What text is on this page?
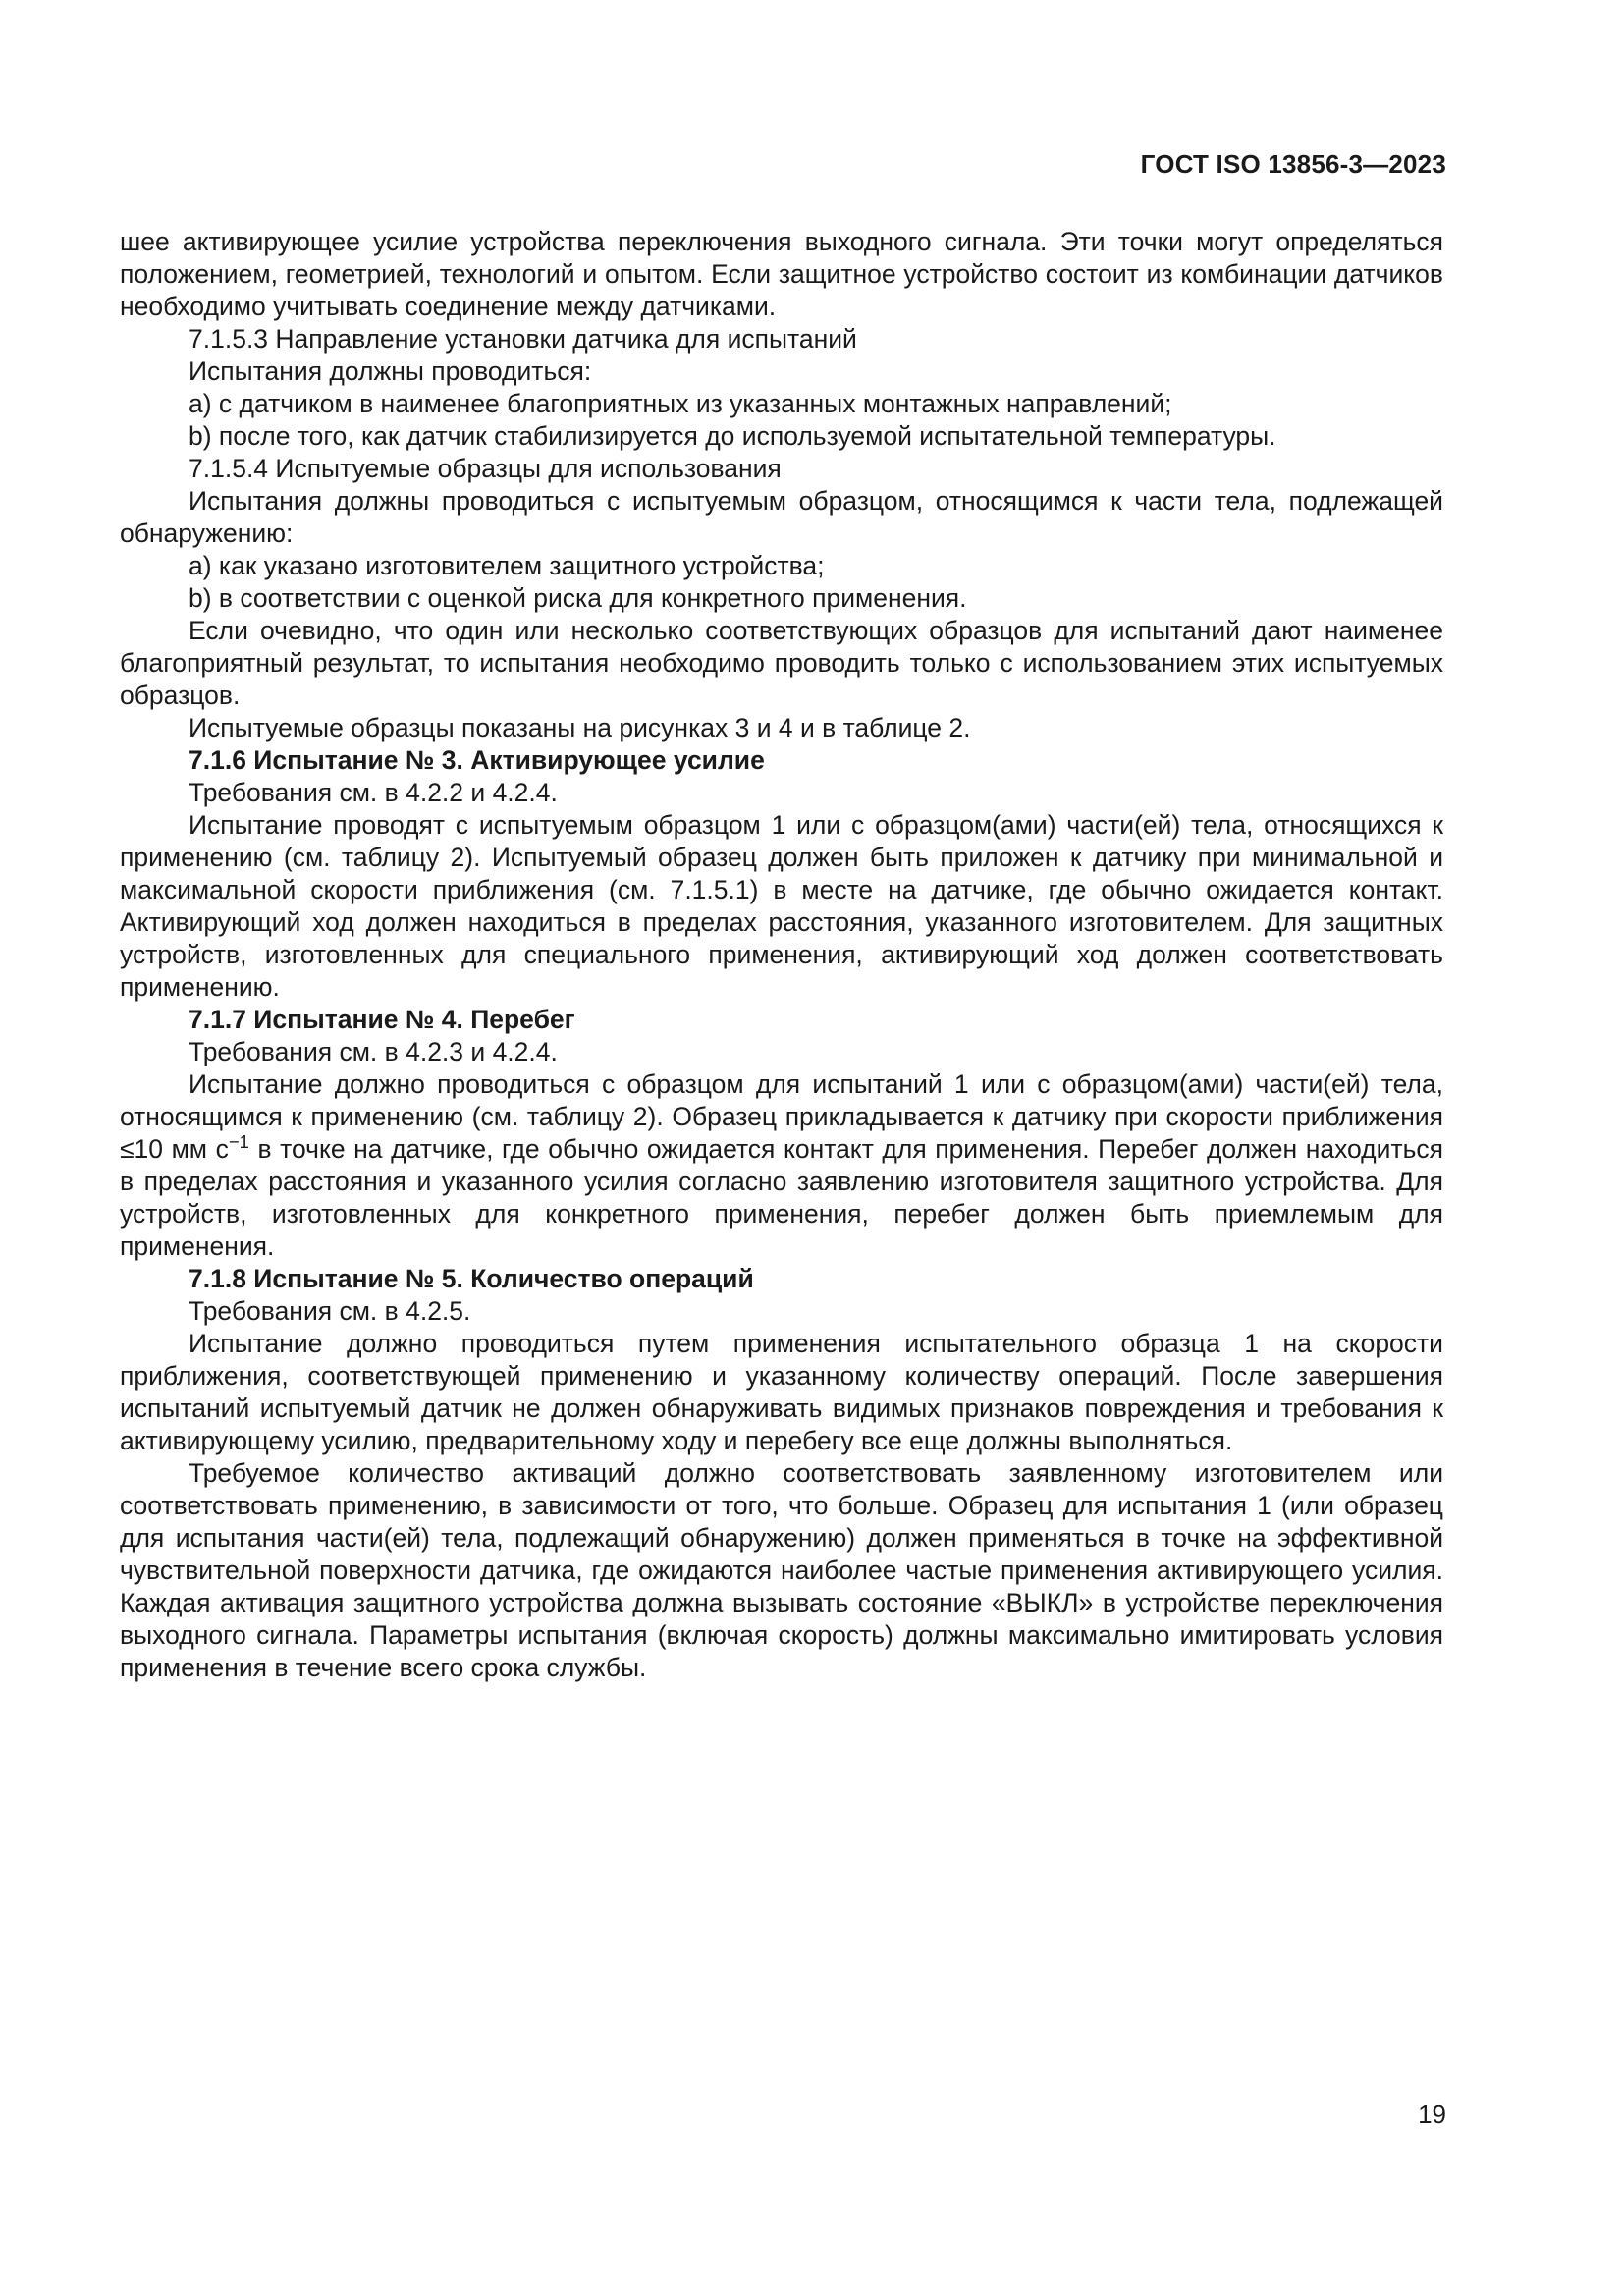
ГОСТ ISO 13856-3—2023

шее активирующее усилие устройства переключения выходного сигнала. Эти точки могут определяться положением, геометрией, технологий и опытом. Если защитное устройство состоит из комбинации датчиков необходимо учитывать соединение между датчиками.

7.1.5.3 Направление установки датчика для испытаний

Испытания должны проводиться:

a) с датчиком в наименее благоприятных из указанных монтажных направлений;

b) после того, как датчик стабилизируется до используемой испытательной температуры.

7.1.5.4 Испытуемые образцы для использования

Испытания должны проводиться с испытуемым образцом, относящимся к части тела, подлежащей обнаружению:

a) как указано изготовителем защитного устройства;

b) в соответствии с оценкой риска для конкретного применения.

Если очевидно, что один или несколько соответствующих образцов для испытаний дают наименее благоприятный результат, то испытания необходимо проводить только с использованием этих испытуемых образцов.

Испытуемые образцы показаны на рисунках 3 и 4 и в таблице 2.

7.1.6 Испытание № 3. Активирующее усилие

Требования см. в 4.2.2 и 4.2.4.

Испытание проводят с испытуемым образцом 1 или с образцом(ами) части(ей) тела, относящихся к применению (см. таблицу 2). Испытуемый образец должен быть приложен к датчику при минимальной и максимальной скорости приближения (см. 7.1.5.1) в месте на датчике, где обычно ожидается контакт. Активирующий ход должен находиться в пределах расстояния, указанного изготовителем. Для защитных устройств, изготовленных для специального применения, активирующий ход должен соответствовать применению.

7.1.7 Испытание № 4. Перебег

Требования см. в 4.2.3 и 4.2.4.

Испытание должно проводиться с образцом для испытаний 1 или с образцом(ами) части(ей) тела, относящимся к применению (см. таблицу 2). Образец прикладывается к датчику при скорости приближения ≤10 мм $с^{-1}$ в точке на датчике, где обычно ожидается контакт для применения. Перебег должен находиться в пределах расстояния и указанного усилия согласно заявлению изготовителя защитного устройства. Для устройств, изготовленных для конкретного применения, перебег должен быть приемлемым для применения.

7.1.8 Испытание № 5. Количество операций

Требования см. в 4.2.5.

Испытание должно проводиться путем применения испытательного образца 1 на скорости приближения, соответствующей применению и указанному количеству операций. После завершения испытаний испытуемый датчик не должен обнаруживать видимых признаков повреждения и требования к активирующему усилию, предварительному ходу и перебегу все еще должны выполняться.

Требуемое количество активаций должно соответствовать заявленному изготовителем или соответствовать применению, в зависимости от того, что больше. Образец для испытания 1 (или образец для испытания части(ей) тела, подлежащий обнаружению) должен применяться в точке на эффективной чувствительной поверхности датчика, где ожидаются наиболее частые применения активирующего усилия. Каждая активация защитного устройства должна вызывать состояние «ВЫКЛ» в устройстве переключения выходного сигнала. Параметры испытания (включая скорость) должны максимально имитировать условия применения в течение всего срока службы.

19
